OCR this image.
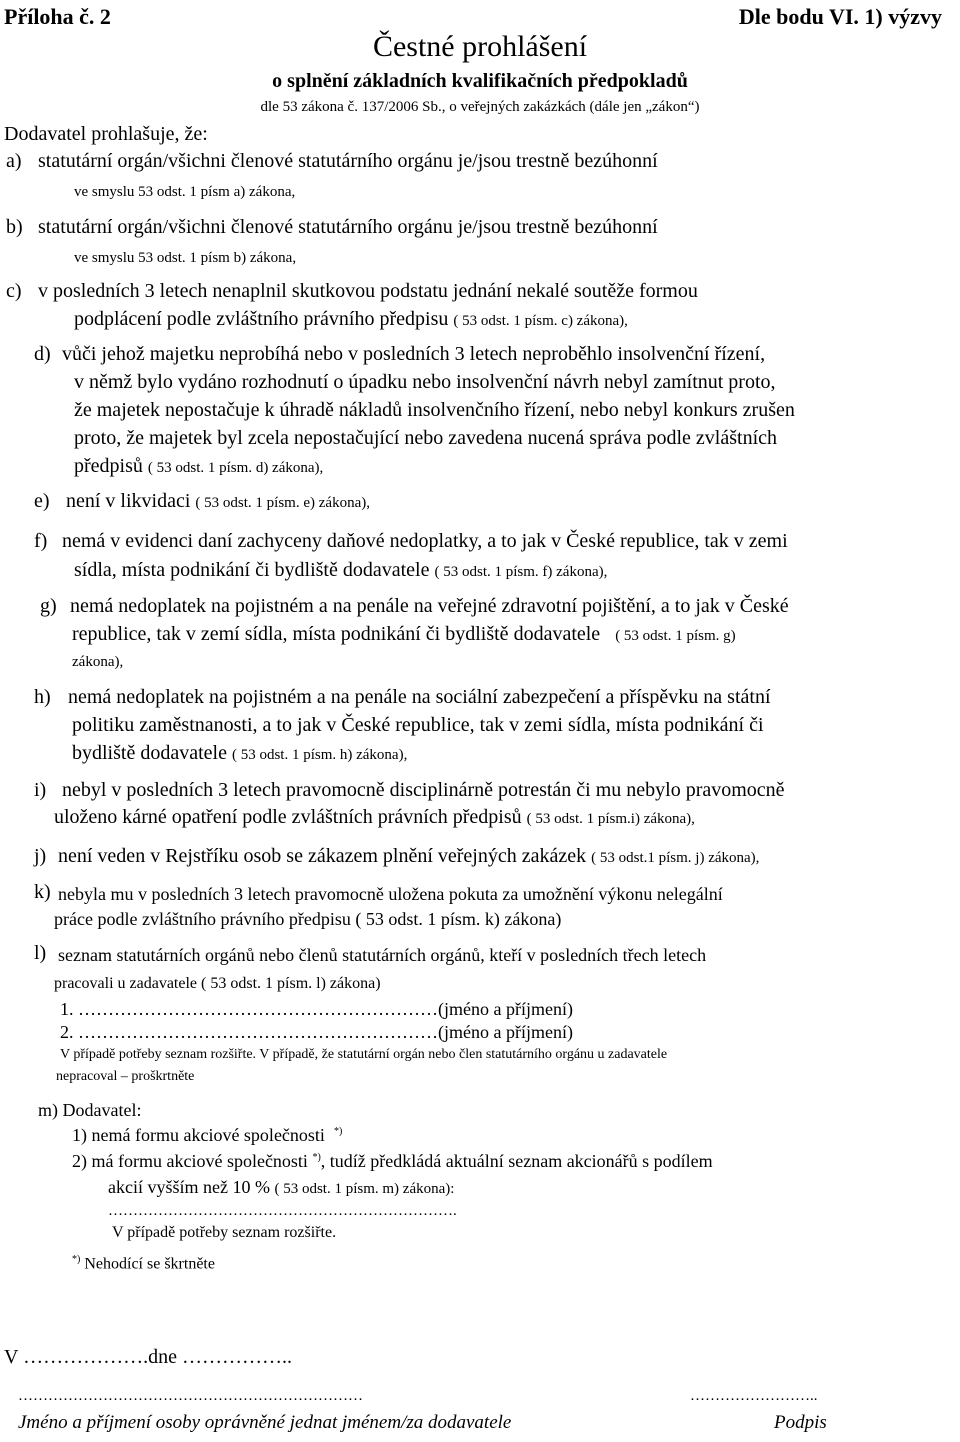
Příloha č. 2	Dle bodu VI. 1) výzvy
Čestné prohlášení
o splnění základních kvalifikačních předpokladů
dle 53 zákona č. 137/2006 Sb., o veřejných zakázkách (dále jen „zákon“)
Dodavatel prohlašuje, že:
a) statutární orgán/všichni členové statutárního orgánu je/jsou trestně bezúhonní
ve smyslu 53 odst. 1 písm a) zákona,
b) statutární orgán/všichni členové statutárního orgánu je/jsou trestně bezúhonní
ve smyslu 53 odst. 1 písm b) zákona,
c) v posledních 3 letech nenaplnil skutkovou podstatu jednání nekalé soutěže formou
podplácení podle zvláštního právního předpisu ( 53 odst. 1 písm. c) zákona),
d) vůči jehož majetku neprobíhá nebo v posledních 3 letech neproběhlo insolvenční řízení,
v němž bylo vydáno rozhodnutí o úpadku nebo insolvenční návrh nebyl zamítnut proto,
že majetek nepostačuje k úhradě nákladů insolvenčního řízení, nebo nebyl konkurs zrušen
proto, že majetek byl zcela nepostačující nebo zavedena nucená správa podle zvláštních
předpisů ( 53 odst. 1 písm. d) zákona),
e) není v likvidaci ( 53 odst. 1 písm. e) zákona),
f) nemá v evidenci daní zachyceny daňové nedoplatky, a to jak v České republice, tak v zemi
sídla, místa podnikání či bydliště dodavatele ( 53 odst. 1 písm. f) zákona),
g) nemá nedoplatek na pojistném a na penále na veřejné zdravotní pojištění, a to jak v České
republice, tak v zemí sídla, místa podnikání či bydliště dodavatele ( 53 odst. 1 písm. g)
zákona),
h) nemá nedoplatek na pojistném a na penále na sociální zabezpečení a příspěvku na státní
politiku zaměstnanosti, a to jak v České republice, tak v zemi sídla, místa podnikání či
bydliště dodavatele ( 53 odst. 1 písm. h) zákona),
i) nebyl v posledních 3 letech pravomocně disciplinárně potrestán či mu nebylo pravomocně
uloženo kárné opatření podle zvláštních právních předpisů ( 53 odst. 1 písm.i) zákona),
j) není veden v Rejstříku osob se zákazem plnění veřejných zakázek ( 53 odst.1 písm. j) zákona),
k) nebyla mu v posledních 3 letech pravomocně uložena pokuta za umožnění výkonu nelegální
práce podle zvláštního právního předpisu ( 53 odst. 1 písm. k) zákona)
l) seznam statutárních orgánů nebo členů statutárních orgánů, kteří v posledních třech letech
pracovali u zadavatele ( 53 odst. 1 písm. l) zákona)
1. ……………………………………………………(jméno a příjmení)
2. ……………………………………………………(jméno a příjmení)
V případě potřeby seznam rozšiřte. V případě, že statutární orgán nebo člen statutárního orgánu u zadavatele
nepracoval – proškrtněte
m) Dodavatel:
1) nemá formu akciové společnosti *)
2) má formu akciové společnosti *), tudíž předkládá aktuální seznam akcionářů s podílem
akcií vyšším než 10 % ( 53 odst. 1 písm. m) zákona):
…………………………………………………………….
V případě potřeby seznam rozšiřte.
*) Nehodící se škrtněte
V ……………….dne ……………..
……………………………………………………………	……………………..
Jméno a příjmení osoby oprávněné jednat jménem/za dodavatele	Podpis
